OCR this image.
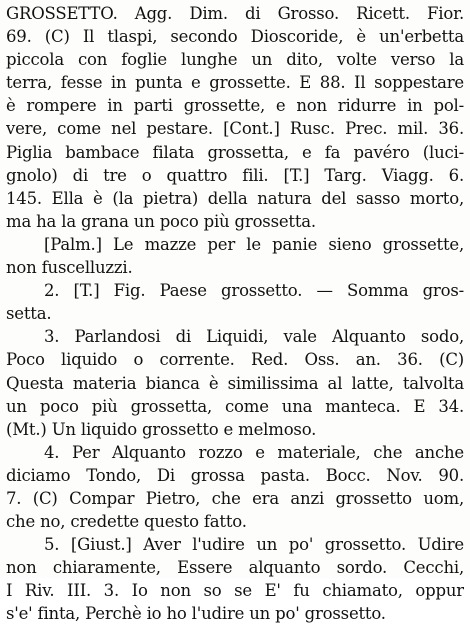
GROSSETTO. Agg. Dim. di Grosso. Ricett. Fior.
69. (C) Il tlaspi, secondo Dioscoride, è un'erbetta
piccola con foglie lunghe un dito, volte verso la
terra, fesse in punta e grossette. E 88. Il soppestare
è rompere in parti grossette, e non ridurre in pol-
vere, come nel pestare. [Cont.] Rusc. Prec. mil. 36.
Piglia bambace filata grossetta, e fa pavéro (luci-
gnolo) di tre o quattro fili. [T.] Targ. Viagg. 6.
145. Ella è (la pietra) della natura del sasso morto,
ma ha la grana un poco più grossetta.
[Palm.] Le mazze per le panie sieno grossette,
non fuscelluzzi.
2. [T.] Fig. Paese grossetto. — Somma gros-
setta.
3. Parlandosi di Liquidi, vale Alquanto sodo,
Poco liquido o corrente. Red. Oss. an. 36. (C)
Questa materia bianca è similissima al latte, talvolta
un poco più grossetta, come una manteca. E 34.
(Mt.) Un liquido grossetto e melmoso.
4. Per Alquanto rozzo e materiale, che anche
diciamo Tondo, Di grossa pasta. Bocc. Nov. 90.
7. (C) Compar Pietro, che era anzi grossetto uom,
che no, credette questo fatto.
5. [Giust.] Aver l'udire un po' grossetto. Udire
non chiaramente, Essere alquanto sordo. Cecchi,
I Riv. III. 3. Io non so se E' fu chiamato, oppur
s'e' finta, Perchè io ho l'udire un po' grossetto.
